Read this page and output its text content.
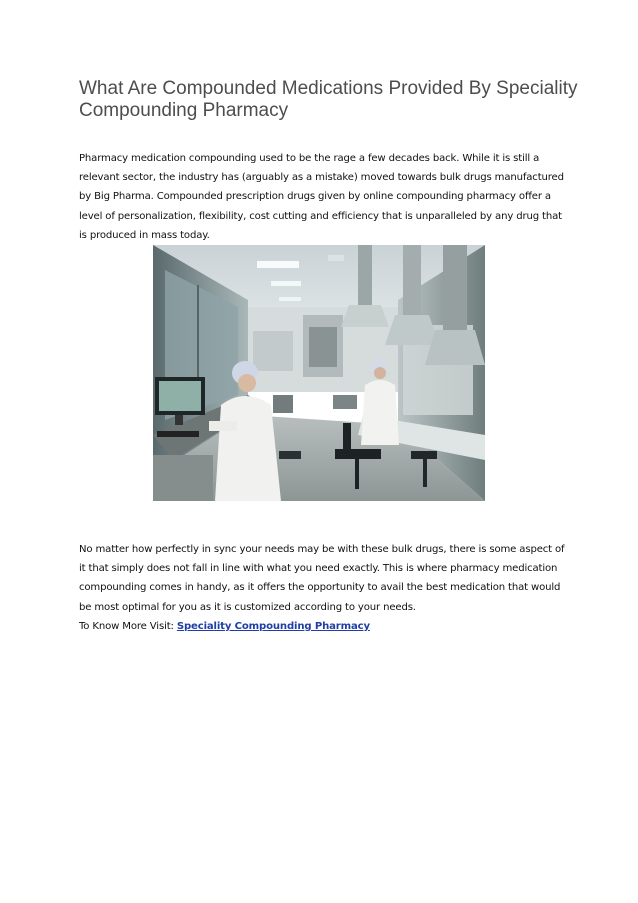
What Are Compounded Medications Provided By Speciality Compounding Pharmacy

Pharmacy medication compounding used to be the rage a few decades back. While it is still a relevant sector, the industry has (arguably as a mistake) moved towards bulk drugs manufactured by Big Pharma. Compounded prescription drugs given by online compounding pharmacy offer a level of personalization, flexibility, cost cutting and efficiency that is unparalleled by any drug that is produced in mass today.

No matter how perfectly in sync your needs may be with these bulk drugs, there is some aspect of it that simply does not fall in line with what you need exactly. This is where pharmacy medication compounding comes in handy, as it offers the opportunity to avail the best medication that would be most optimal for you as it is customized according to your needs.

To Know More Visit: Speciality Compounding Pharmacy
